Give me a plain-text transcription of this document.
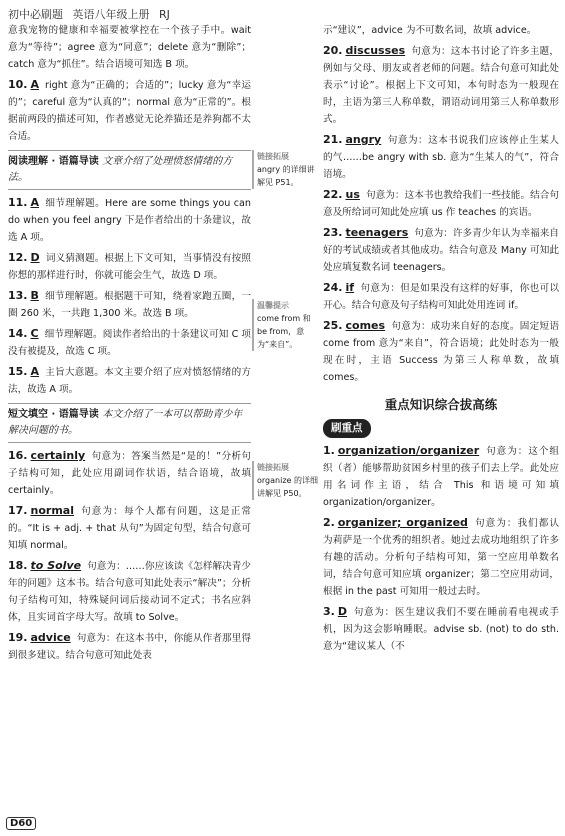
初中必刷题 英语八年级上册 RJ
意我宠物的健康和幸福要被掌控在一个孩子手中。wait 意为“等待”；agree 意为“同意”；delete 意为“删除”；catch 意为“抓住”。结合语境可知选 B 项。
10. A right 意为“正确的；合适的”；lucky 意为“幸运的”；careful 意为“认真的”；normal 意为“正常的”。根据前两段的描述可知，作者感觉无论养猫还是养狗都不太合适。
阅读理解 · 语篇导读 文章介绍了处理愤怒情绪的方法。
11. A 细节理解题。Here are some things you can do when you feel angry 下是作者给出的十条建议，故选 A 项。
12. D 词义猜测题。根据上下文可知，当事情没有按照你想的那样进行时，你就可能会生气，故选 D 项。
13. B 细节理解题。根据题干可知，绕着家跑五圈，一圈 260 米，一共跑 1,300 米。故选 B 项。
14. C 细节理解题。阅读作者给出的十条建议可知 C 项没有被提及，故选 C 项。
15. A 主旨大意题。本文主要介绍了应对愤怒情绪的方法，故选 A 项。
短文填空 · 语篇导读 本文介绍了一本可以帮助青少年解决问题的书。
16. certainly 句意为：答案当然是“是的！”分析句子结构可知，此处应用副词作状语，结合语境，故填 certainly。
17. normal 句意为：每个人都有问题，这是正常的。“It is + adj. + that 从句”为固定句型，结合句意可知填 normal。
18. to Solve 句意为：……你应该读《怎样解决青少年的问题》这本书。结合句意可知此处表示“解决”；分析句子结构可知，特殊疑问词后接动词不定式；书名应斜体，且实词首字母大写。故填 to Solve。
19. advice 句意为：在这本书中，你能从作者那里得到很多建议。结合句意可知此处表
链接拓展
angry 的详细讲解见 P51。
温馨提示
come from 和 be from，意为“来自”。
链接拓展
organize 的详细讲解见 P50。
示“建议”，advice 为不可数名词，故填 advice。
20. discusses 句意为：这本书讨论了许多主题，例如与父母、朋友或者老师的问题。结合句意可知此处表示“讨论”。根据上下文可知，本句时态为一般现在时，主语为第三人称单数，谓语动词用第三人称单数形式。
21. angry 句意为：这本书说我们应该停止生某人的气……be angry with sb. 意为“生某人的气”，符合语境。
22. us 句意为：这本书也教给我们一些技能。结合句意及所给词可知此处应填 us 作 teaches 的宾语。
23. teenagers 句意为：许多青少年认为幸福来自好的考试成绩或者其他成功。结合句意及 Many 可知此处应填复数名词 teenagers。
24. if 句意为：但是如果没有这样的好事，你也可以开心。结合句意及句子结构可知此处用连词 if。
25. comes 句意为：成功来自好的态度。固定短语 come from 意为“来自”，符合语境；此处时态为一般现在时，主语 Success 为第三人称单数，故填 comes。
重点知识综合拔高练
刷重点
1. organization/organizer 句意为：这个组织（者）能够帮助贫困乡村里的孩子们去上学。此处应用名词作主语，结合 This 和语境可知填 organization/organizer。
2. organizer; organized 句意为：我们都认为莉萨是一个优秀的组织者。她过去成功地组织了许多有趣的活动。分析句子结构可知，第一空应用单数名词，结合句意可知应填 organizer；第二空应用动词，根据 in the past 可知用一般过去时。
3. D 句意为：医生建议我们不要在睡前看电视或手机，因为这会影响睡眠。advise sb. (not) to do sth. 意为“建议某人（不
D60
